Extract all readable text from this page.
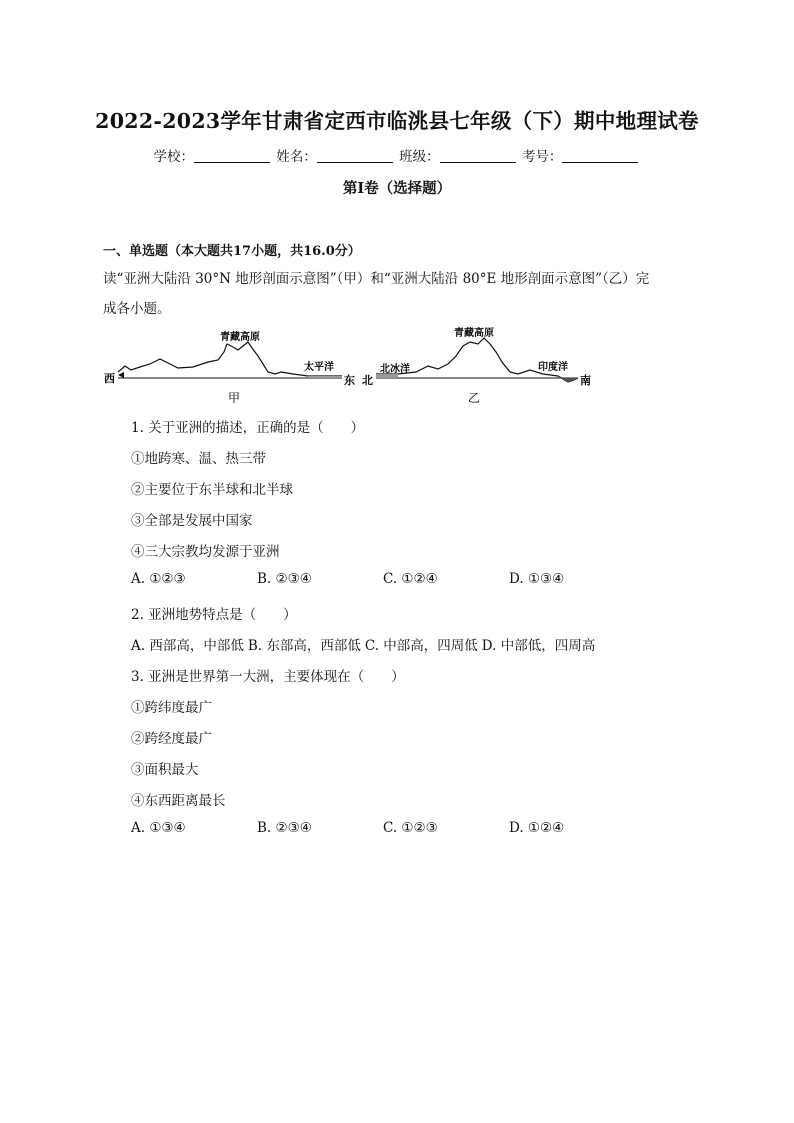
2022-2023学年甘肃省定西市临洮县七年级（下）期中地理试卷
学校：	姓名：	班级：	考号：
第I卷（选择题）
一、单选题（本大题共17小题，共16.0分）
读“亚洲大陆沿 30°N 地形剖面示意图”（甲）和“亚洲大陆沿 80°E 地形剖面示意图”（乙）完
成各小题。
西	东
青藏高原
太平洋
甲
北	南
青藏高原
北冰洋	印度洋
乙
1. 关于亚洲的描述，正确的是（　　）
①地跨寒、温、热三带
②主要位于东半球和北半球
③全部是发展中国家
④三大宗教均发源于亚洲
A. ①②③	B. ②③④	C. ①②④	D. ①③④
2. 亚洲地势特点是（　　）
A. 西部高，中部低 B. 东部高，西部低 C. 中部高，四周低 D. 中部低，四周高
3. 亚洲是世界第一大洲，主要体现在（　　）
①跨纬度最广
②跨经度最广
③面积最大
④东西距离最长
A. ①③④	B. ②③④	C. ①②③	D. ①②④
